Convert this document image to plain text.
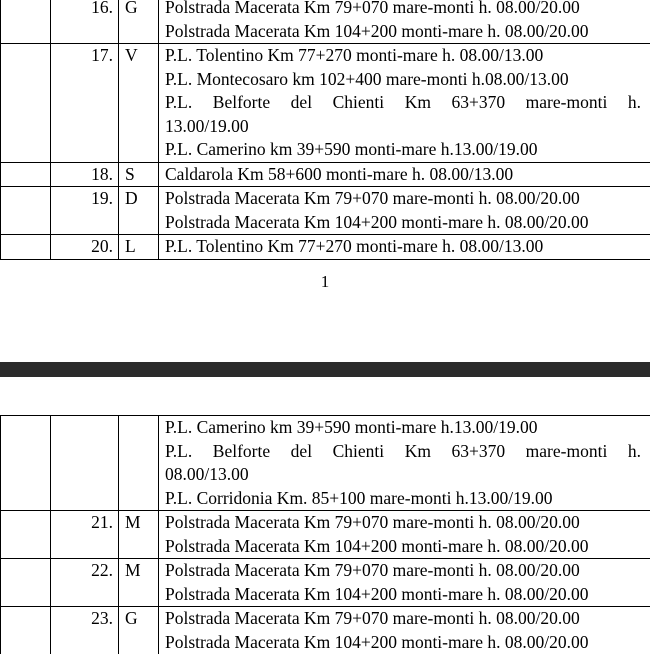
	16.	G	Polstrada Macerata Km 79+070 mare-monti h. 08.00/20.00
Polstrada Macerata Km 104+200 monti-mare h. 08.00/20.00

	17.	V	P.L. Tolentino Km 77+270 monti-mare h. 08.00/13.00
P.L. Montecosaro km 102+400 mare-monti h.08.00/13.00
P.L. Belforte del Chienti Km 63+370 mare-monti h.
13.00/19.00
P.L. Camerino km 39+590 monti-mare h.13.00/19.00

	18.	S	Caldarola Km 58+600 monti-mare h. 08.00/13.00

	19.	D	Polstrada Macerata Km 79+070 mare-monti h. 08.00/20.00
Polstrada Macerata Km 104+200 monti-mare h. 08.00/20.00

	20.	L	P.L. Tolentino Km 77+270 monti-mare h. 08.00/13.00
1

			P.L. Camerino km 39+590 monti-mare h.13.00/19.00
P.L. Belforte del Chienti Km 63+370 mare-monti h.
08.00/13.00
P.L. Corridonia Km. 85+100 mare-monti h.13.00/19.00

	21.	M	Polstrada Macerata Km 79+070 mare-monti h. 08.00/20.00
Polstrada Macerata Km 104+200 monti-mare h. 08.00/20.00

	22.	M	Polstrada Macerata Km 79+070 mare-monti h. 08.00/20.00
Polstrada Macerata Km 104+200 monti-mare h. 08.00/20.00

	23.	G	Polstrada Macerata Km 79+070 mare-monti h. 08.00/20.00
Polstrada Macerata Km 104+200 monti-mare h. 08.00/20.00
